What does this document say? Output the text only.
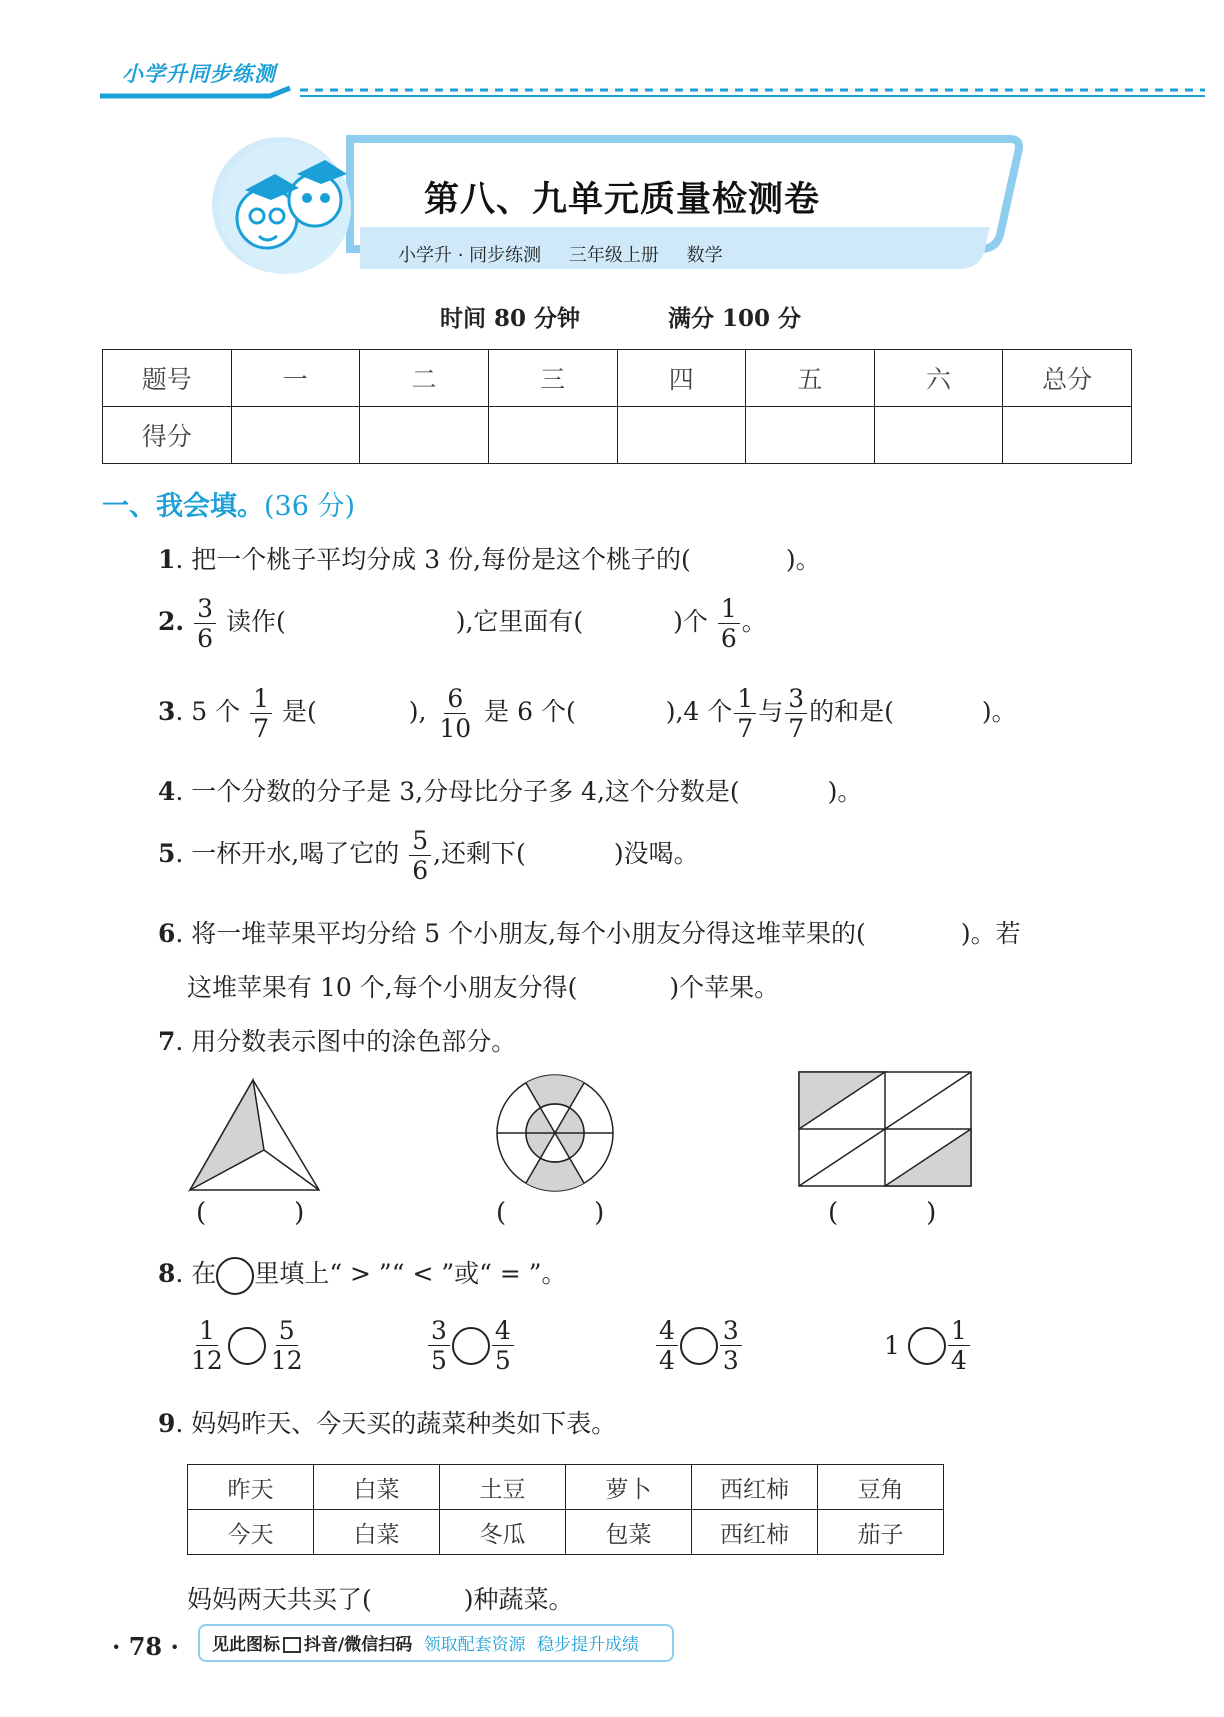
小学升同步练测
第八、九单元质量检测卷
小学升 · 同步练测 三年级上册 数学
时间 80 分钟	满分 100 分
题号	一	二	三	四	五	六	总分
得分							
一、我会填。(36 分)
1. 把一个桃子平均分成 3 份,每份是这个桃子的(	)。
2. $\frac{3}{6}$ 读作(	),它里面有(	)个 $\frac{1}{6}$ 。
3. 5 个 $\frac{1}{7}$ 是(	), $\frac{6}{10}$ 是 6 个(	),4 个 $\frac{1}{7}$ 与 $\frac{3}{7}$ 的和是(	)。
4. 一个分数的分子是 3,分母比分子多 4,这个分数是(	)。
5. 一杯开水,喝了它的 $\frac{5}{6}$ ,还剩下(	)没喝。
6. 将一堆苹果平均分给 5 个小朋友,每个小朋友分得这堆苹果的(	)。若
这堆苹果有 10 个,每个小朋友分得(	)个苹果。
7. 用分数表示图中的涂色部分。
(	)	(	)	(	)
8. 在 里填上“ > ”“ < ”或“ = ”。
$\frac{1}{12} \frac{5}{12}$	$\frac{3}{5} \frac{4}{5}$	$\frac{4}{4} \frac{3}{3}$	$1 \frac{1}{4}$
9. 妈妈昨天、今天买的蔬菜种类如下表。
昨天	白菜	土豆	萝卜	西红柿	豆角
今天	白菜	冬瓜	包菜	西红柿	茄子
妈妈两天共买了(	)种蔬菜。
· 78 ·	见此图标 抖音/微信扫码 领取配套资源 稳步提升成绩
